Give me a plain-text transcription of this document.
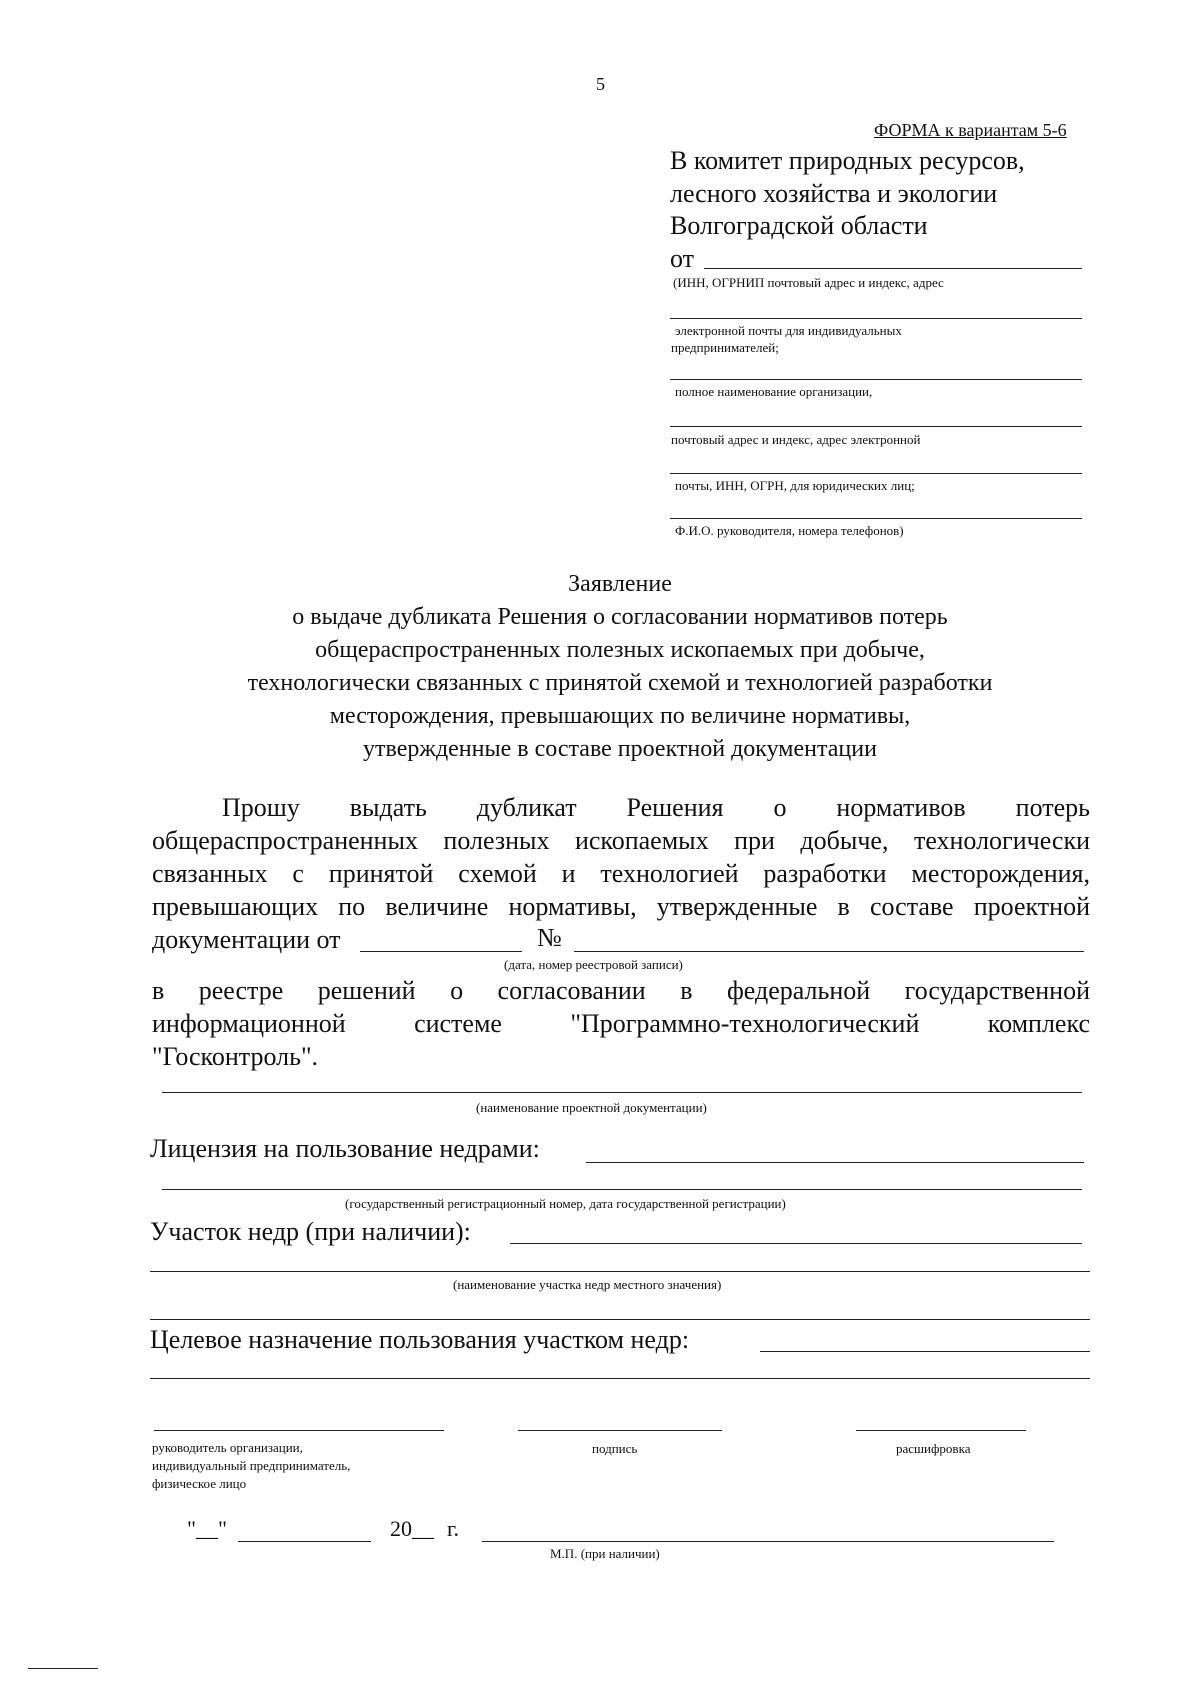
5
ФОРМА к вариантам 5-6
В комитет природных ресурсов,
лесного хозяйства и экологии
Волгоградской области
от
(ИНН, ОГРНИП почтовый адрес и индекс, адрес
электронной почты для индивидуальных
предпринимателей;
полное наименование организации,
почтовый адрес и индекс, адрес электронной
почты, ИНН, ОГРН, для юридических лиц;
Ф.И.О. руководителя, номера телефонов)
Заявление
о выдаче дубликата Решения о согласовании нормативов потерь
общераспространенных полезных ископаемых при добыче,
технологически связанных с принятой схемой и технологией разработки
месторождения, превышающих по величине нормативы,
утвержденные в составе проектной документации
Прошу выдать дубликат Решения о нормативов потерь
общераспространенных полезных ископаемых при добыче, технологически
связанных с принятой схемой и технологией разработки месторождения,
превышающих по величине нормативы, утвержденные в составе проектной
документации от	№
(дата, номер реестровой записи)
в реестре решений о согласовании в федеральной государственной
информационной системе "Программно-технологический комплекс
"Госконтроль".
(наименование проектной документации)
Лицензия на пользование недрами:
(государственный регистрационный номер, дата государственной регистрации)
Участок недр (при наличии):
(наименование участка недр местного значения)
Целевое назначение пользования участком недр:
руководитель организации,
индивидуальный предприниматель,
физическое лицо
подпись	расшифровка
"__"	20__ г.
М.П. (при наличии)
